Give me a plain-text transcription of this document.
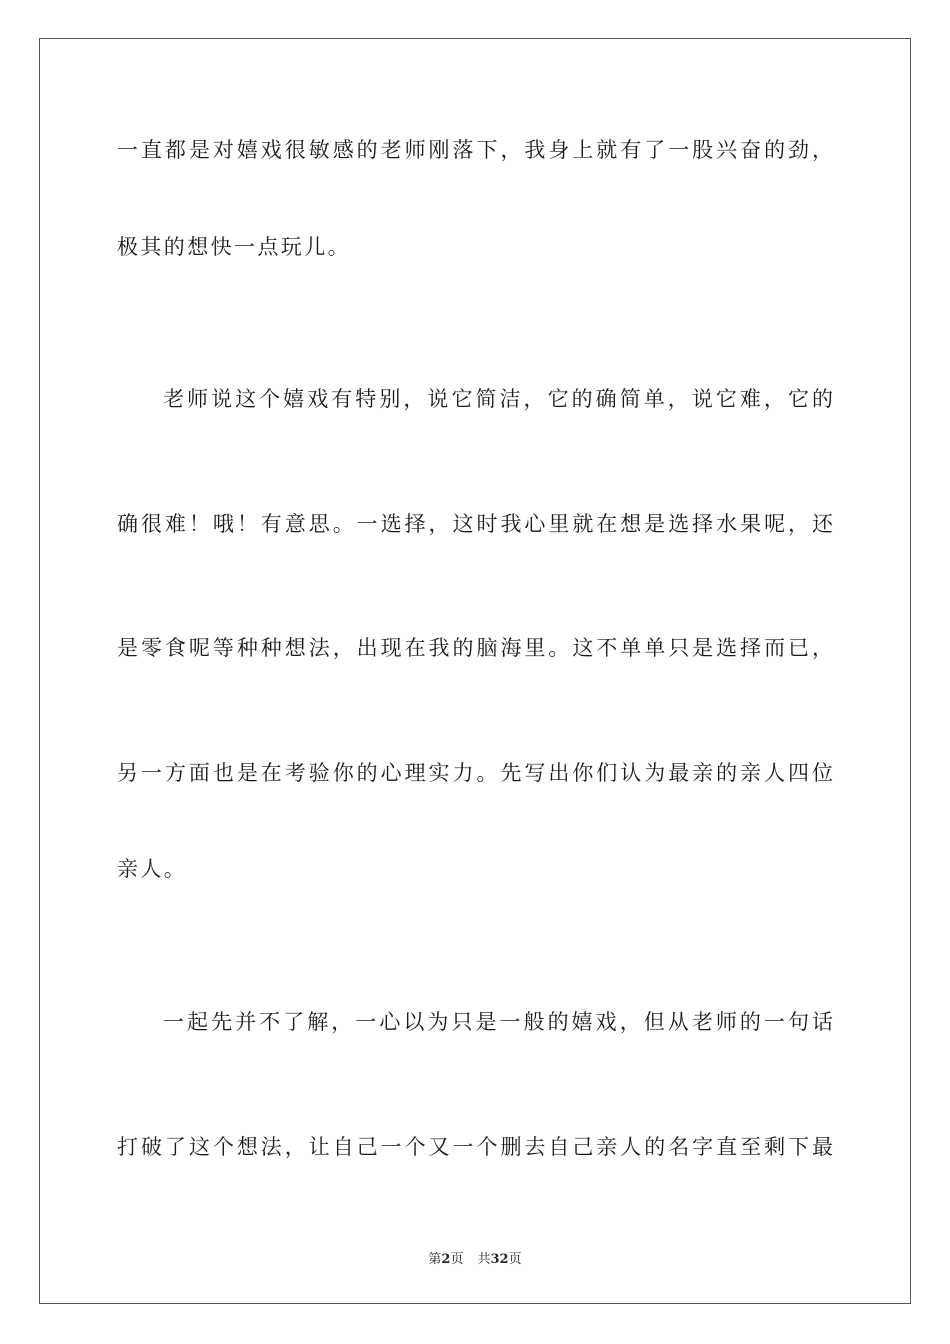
一直都是对嬉戏很敏感的老师刚落下，我身上就有了一股兴奋的劲，
极其的想快一点玩儿。
老师说这个嬉戏有特别，说它简洁，它的确简单，说它难，它的
确很难！哦！有意思。一选择，这时我心里就在想是选择水果呢，还
是零食呢等种种想法，出现在我的脑海里。这不单单只是选择而已，
另一方面也是在考验你的心理实力。先写出你们认为最亲的亲人四位
亲人。
一起先并不了解，一心以为只是一般的嬉戏，但从老师的一句话
打破了这个想法，让自己一个又一个删去自己亲人的名字直至剩下最
第2页 共32页
